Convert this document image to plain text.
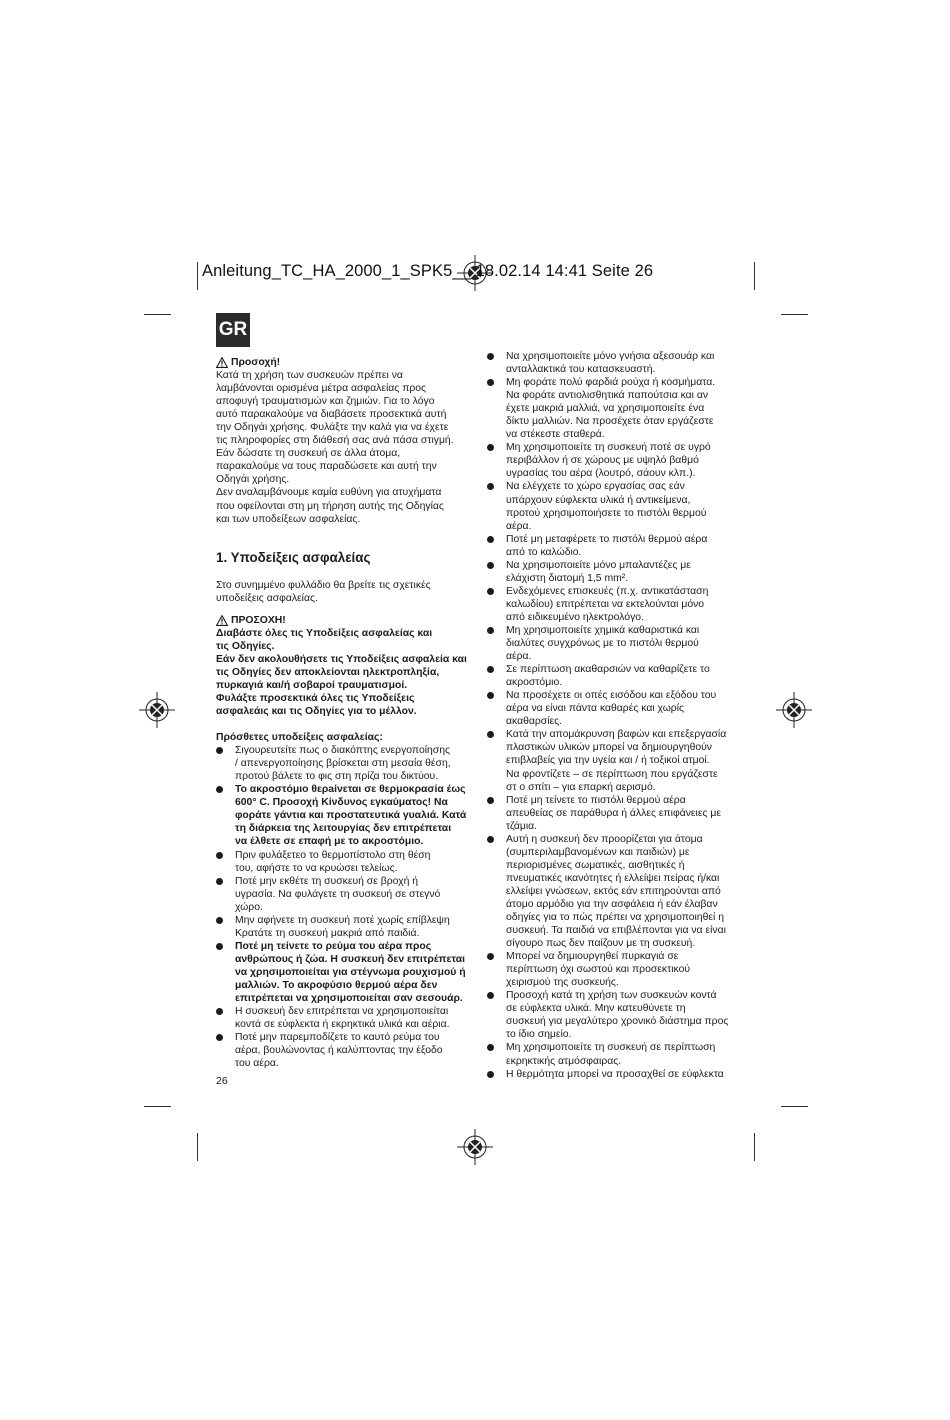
Anleitung_TC_HA_2000_1_SPK5__ 18.02.14 14:41 Seite 26
GR
Προσοχή!
Κατά τη χρήση των συσκευών πρέπει να
λαμβάνονται ορισμένα μέτρα ασφαλείας προς
αποφυγή τραυματισμών και ζημιών. Για το λόγο
αυτό παρακαλούμε να διαβάσετε προσεκτικά αυτή
την Οδηγάι χρήσης. Φυλάξτε την καλά για να έχετε
τις πληροφορίες στη διάθεσή σας ανά πάσα στιγμή.
Εάν δώσατε τη συσκευή σε άλλα άτομα,
παρακαλούμε να τους παραδώσετε και αυτή την
Οδηγάι χρήσης.
Δεν αναλαμβάνουμε καμία ευθύνη για ατυχήματα
που οφείλονται στη μη τήρηση αυτής της Οδηγίας
και των υποδείξεων ασφαλείας.

1. Υποδείξεις ασφαλείας

Στο συνημμένο φυλλάδιο θα βρείτε τις σχετικές
υποδείξεις ασφαλείας.
ΠΡΟΣΟΧΗ!
Διαβάστε όλες τις Υποδείξεις ασφαλείας και
τις Οδηγίες.
Εάν δεν ακολουθήσετε τις Υποδείξεις ασφαλεία και
τις Οδηγίες δεν αποκλείονται ηλεκτροπληξία,
πυρκαγιά και/ή σοβαροί τραυματισμοί.
Φυλάξτε προσεκτικά όλες τις Υποδείξεις
ασφαλεάις και τις Οδηγίες για το μέλλον.

Πρόσθετες υποδείξεις ασφαλείας:

Σιγουρευτείτε πως ο διακόπτης ενεργοποίησης
/ απενεργοποίησης βρίσκεται στη μεσαία θέση,
προτού βάλετε το φις στη πρίζα του δικτύου.
Το ακροστόμιο θερaίνεται σε θερμοκρασία έως
600° C. Προσοχή Κίνδυνος εγκαύματος! Να
φοράτε γάντια και προστατευτικά γυαλιά. Κατά
τη διάρκεια της λειτουργίας δεν επιτρέπεται
να έλθετε σε επαφή με το ακροστόμιο.
Πριν φυλάξετεο το θερμοπίστολο στη θέση
του, αφήστε το να κρυώσει τελείως.
Ποτέ μην εκθέτε τη συσκευή σε βροχή ή
υγρασία. Να φυλάγετε τη συσκευή σε στεγνό
χώρο.
Μην αφήνετε τη συσκευή ποτέ χωρίς επίβλεψη
Κρατάτε τη συσκευή μακριά από παιδιά.
Ποτέ μη τείνετε το ρεύμα του αέρα προς
ανθρώπους ή ζώα. Η συσκευή δεν επιτρέπεται
να χρησιμοποιείται για στέγνωμα ρουχισμού ή
μαλλιών. Το ακροφύσιο θερμού αέρα δεν
επιτρέπεται να χρησιμοποιείται σαν σεσουάρ.
Η συσκευή δεν επιτρέπεται να χρησιμοποιείται
κοντά σε εύφλεκτα ή εκρηκτικά υλικά και αέρια.
Ποτέ μην παρεμποδίζετε το καυτό ρεύμα του
αέρα, βουλώνοντας ή καλύπτοντας την έξοδο
του αέρα.
Να χρησιμοποιείτε μόνο γνήσια αξεσουάρ και
ανταλλακτικά του κατασκευαστή.
Μη φοράτε πολύ φαρδιά ρούχα ή κοσμήματα.
Να φοράτε αντιολισθητικά παπούτσια και αν
έχετε μακριά μαλλιά, να χρησιμοποιείτε ένα
δίκτυ μαλλιών. Να προσέχετε όταν εργάζεστε
να στέκεστε σταθερά.
Μη χρησιμοποιείτε τη συσκευή ποτέ σε υγρό
περιβάλλον ή σε χώρους με υψηλό βαθμό
υγρασίας του αέρα (λουτρό, σάουν κλπ.).
Να ελέγχετε το χώρο εργασίας σας εάν
υπάρχουν εύφλεκτα υλικά ή αντικείμενα,
προτού χρησιμοποιήσετε το πιστόλι θερμού
αέρα.
Ποτέ μη μεταφέρετε το πιστόλι θερμού αέρα
από το καλώδιο.
Να χρησιμοποιείτε μόνο μπαλαντέζες με
ελάχιστη διατομή 1,5 mm².
Ενδεχόμενες επισκευές (π.χ. αντικατάσταση
καλωδίου) επιτρέπεται να εκτελούνται μόνο
από ειδικευμένο ηλεκτρολόγο.
Μη χρησιμοποιείτε χημικά καθαριστικά και
διαλύτες συγχρόνως με το πιστόλι θερμού
αέρα.
Σε περίπτωση ακαθαρσιών να καθαρίζετε το
ακροστόμιο.
Να προσέχετε οι οπές εισόδου και εξόδου του
αέρα να είναι πάντα καθαρές και χωρίς
ακαθαρσίες.
Κατά την απομάκρυνση βαφών και επεξεργασία
πλαστικών υλικών μπορεί να δημιουργηθούν
επιβλαβείς για την υγεία και / ή τοξικοί ατμοί.
Να φροντίζετε – σε περίπτωση που εργάζεστε
στ ο σπίτι – για επαρκή αερισμό.
Ποτέ μη τείνετε το πιστόλι θερμού αέρα
απευθείας σε παράθυρα ή άλλες επιφάνειες με
τζάμια.
Αυτή η συσκευή δεν προορίζεται για άτομα
(συμπεριλαμβανομένων και παιδιών) με
περιορισμένες σωματικές, αισθητικές ή
πνευματικές ικανότητες ή ελλείψει πείρας ή/και
ελλείψει γνώσεων, εκτός εάν επιτηρούνται από
άτομο αρμόδιο για την ασφάλεια ή εάν έλαβαν
οδηγίες για το πώς πρέπει να χρησιμοποιηθεί η
συσκευή. Τα παιδιά να επιβλέπονται για να είναι
σίγουρο πως δεν παίζουν με τη συσκευή.
Μπορεί να δημιουργηθεί πυρκαγιά σε
περίπτωση όχι σωστού και προσεκτικού
χειρισμού της συσκευής.
Προσοχή κατά τη χρήση των συσκευών κοντά
σε εύφλεκτα υλικά. Μην κατευθύνετε τη
συσκευή για μεγαλύτερο χρονικό διάστημα προς
το ίδιο σημείο.
Μη χρησιμοποιείτε τη συσκευή σε περίπτωση
εκρηκτικής ατμόσφαιρας.
Η θερμότητα μπορεί να προσαχθεί σε εύφλεκτα
26
